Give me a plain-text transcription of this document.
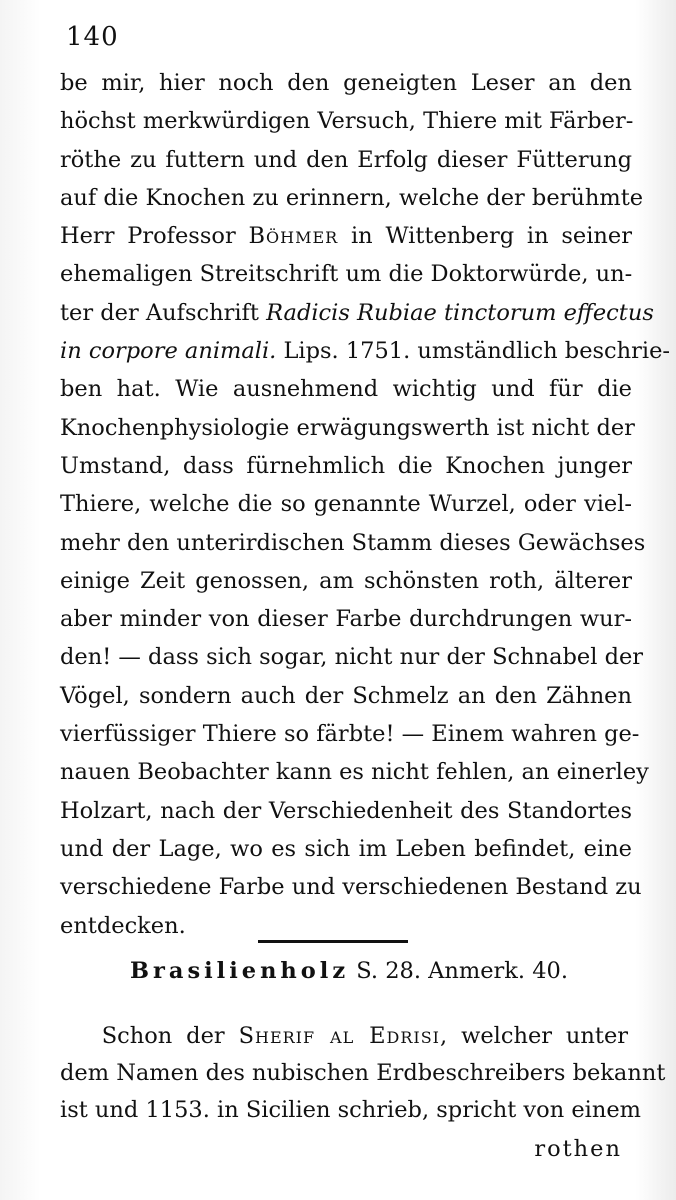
140
be mir, hier noch den geneigten Leser an den
höchst merkwürdigen Versuch, Thiere mit Färber-
röthe zu futtern und den Erfolg dieser Fütterung
auf die Knochen zu erinnern, welche der berühmte
Herr Professor Böhmer in Wittenberg in seiner
ehemaligen Streitschrift um die Doktorwürde, un-
ter der Aufschrift Radicis Rubiae tinctorum effectus
in corpore animali. Lips. 1751. umständlich beschrie-
ben hat. Wie ausnehmend wichtig und für die
Knochenphysiologie erwägungswerth ist nicht der
Umstand, dass fürnehmlich die Knochen junger
Thiere, welche die so genannte Wurzel, oder viel-
mehr den unterirdischen Stamm dieses Gewächses
einige Zeit genossen, am schönsten roth, älterer
aber minder von dieser Farbe durchdrungen wur-
den! — dass sich sogar, nicht nur der Schnabel der
Vögel, sondern auch der Schmelz an den Zähnen
vierfüssiger Thiere so färbte! — Einem wahren ge-
nauen Beobachter kann es nicht fehlen, an einerley
Holzart, nach der Verschiedenheit des Standortes
und der Lage, wo es sich im Leben befindet, eine
verschiedene Farbe und verschiedenen Bestand zu
entdecken.
Brasilienholz S. 28. Anmerk. 40.
Schon der Sherif al Edrisi, welcher unter
dem Namen des nubischen Erdbeschreibers bekannt
ist und 1153. in Sicilien schrieb, spricht von einem
rothen
